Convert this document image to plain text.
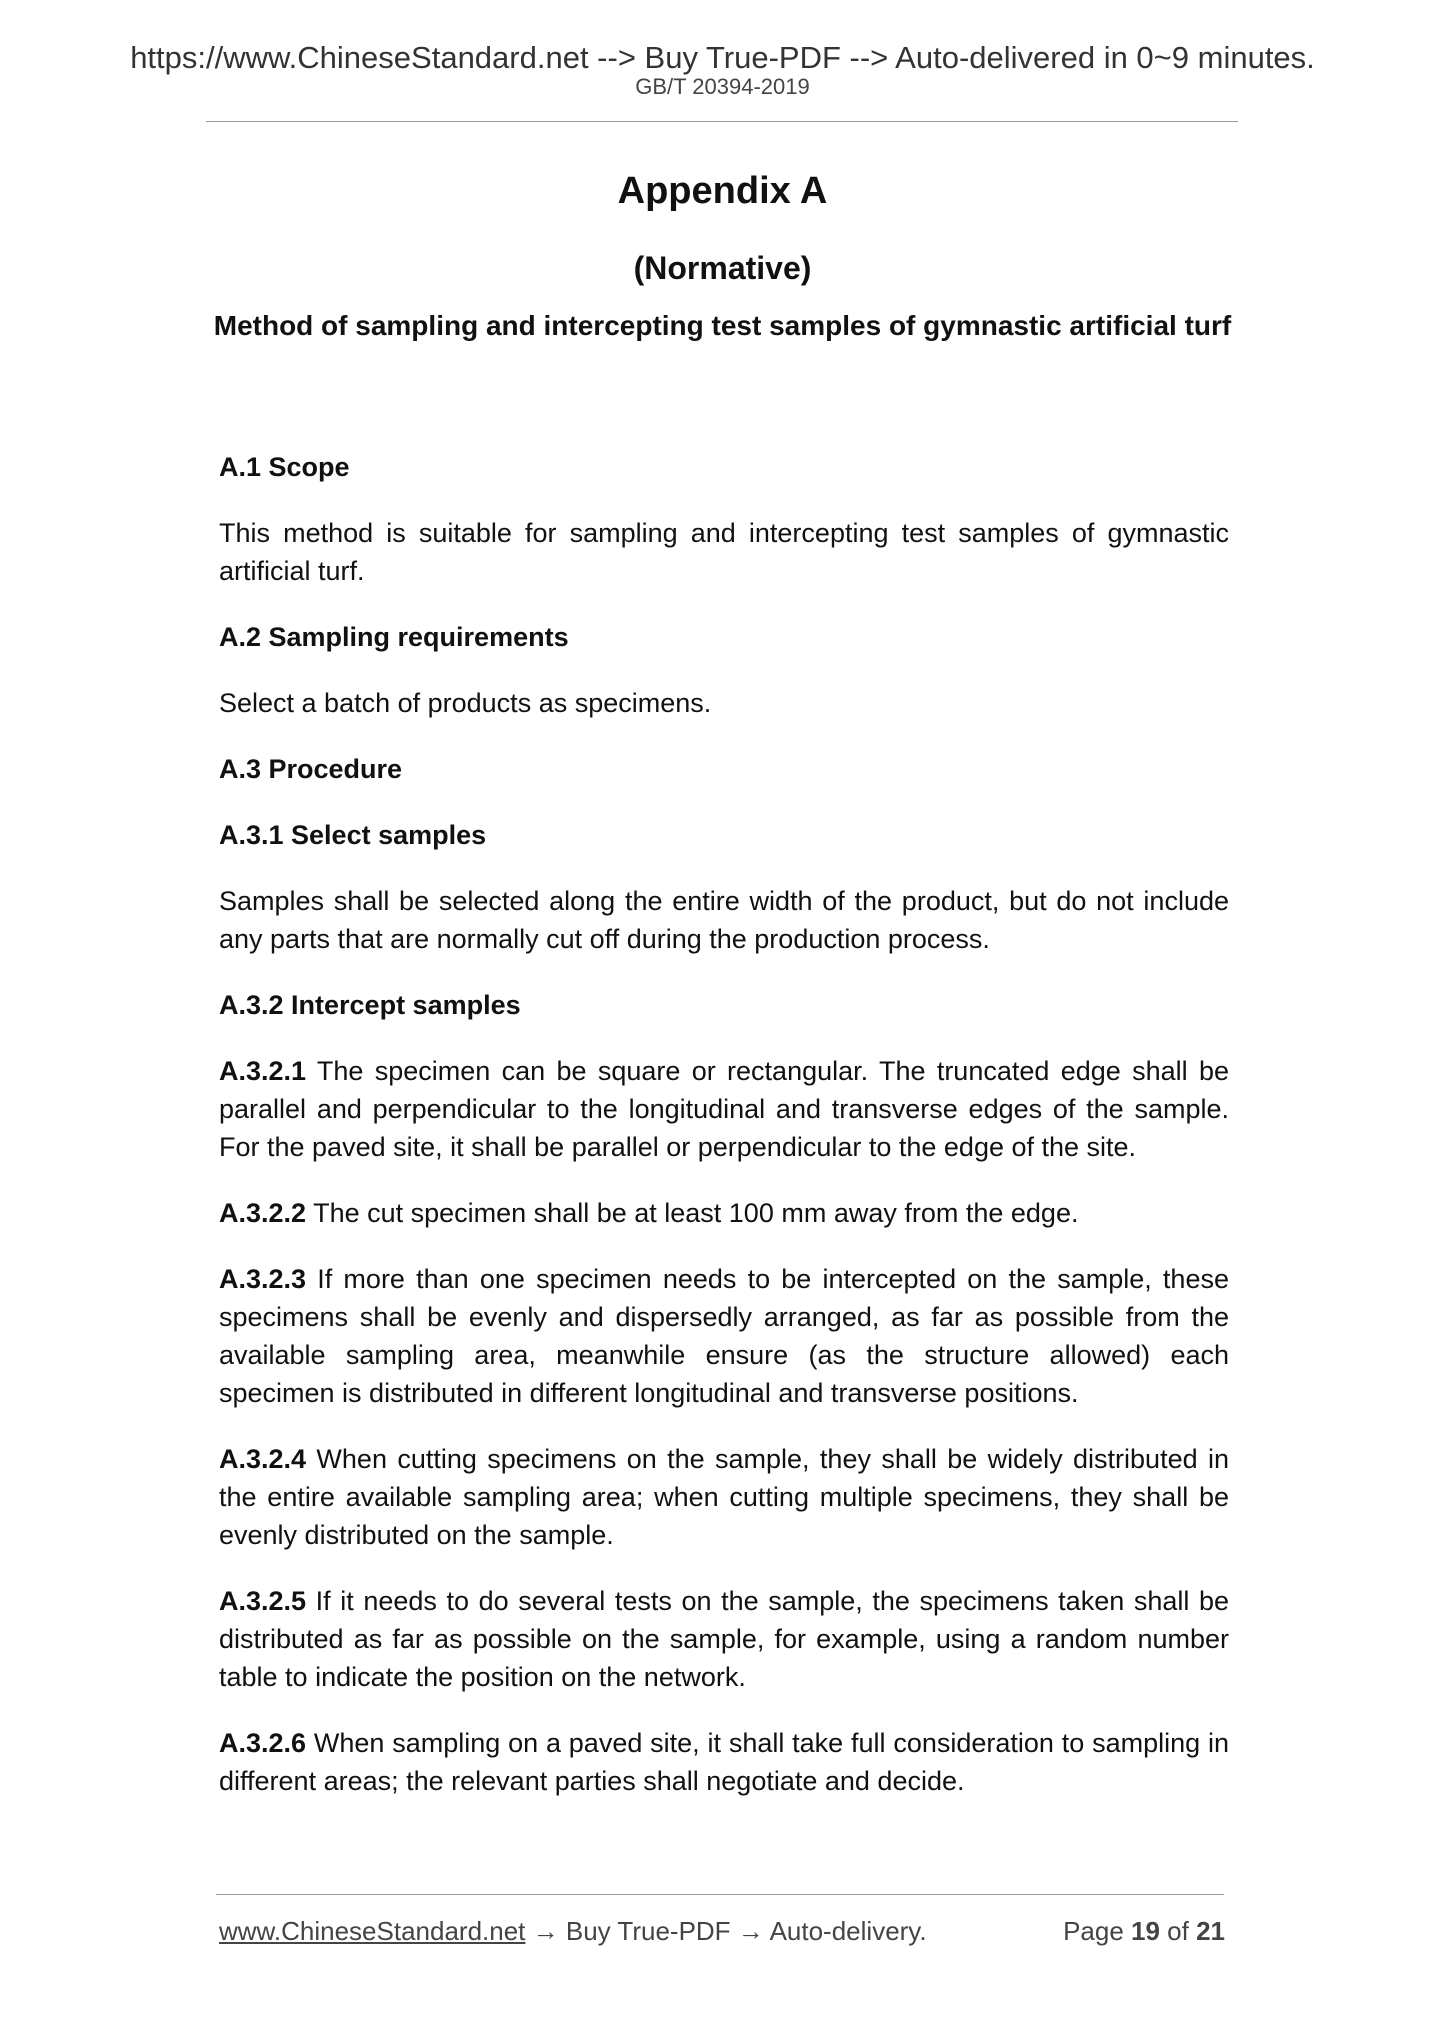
https://www.ChineseStandard.net --> Buy True-PDF --> Auto-delivered in 0~9 minutes.
GB/T 20394-2019
Appendix A
(Normative)
Method of sampling and intercepting test samples of gymnastic artificial turf
A.1 Scope

This method is suitable for sampling and intercepting test samples of gymnastic artificial turf.

A.2 Sampling requirements

Select a batch of products as specimens.

A.3 Procedure
A.3.1 Select samples

Samples shall be selected along the entire width of the product, but do not include any parts that are normally cut off during the production process.

A.3.2 Intercept samples

A.3.2.1 The specimen can be square or rectangular. The truncated edge shall be parallel and perpendicular to the longitudinal and transverse edges of the sample. For the paved site, it shall be parallel or perpendicular to the edge of the site.

A.3.2.2 The cut specimen shall be at least 100 mm away from the edge.

A.3.2.3 If more than one specimen needs to be intercepted on the sample, these specimens shall be evenly and dispersedly arranged, as far as possible from the available sampling area, meanwhile ensure (as the structure allowed) each specimen is distributed in different longitudinal and transverse positions.

A.3.2.4 When cutting specimens on the sample, they shall be widely distributed in the entire available sampling area; when cutting multiple specimens, they shall be evenly distributed on the sample.

A.3.2.5 If it needs to do several tests on the sample, the specimens taken shall be distributed as far as possible on the sample, for example, using a random number table to indicate the position on the network.

A.3.2.6 When sampling on a paved site, it shall take full consideration to sampling in different areas; the relevant parties shall negotiate and decide.

www.ChineseStandard.net → Buy True-PDF → Auto-delivery.	Page 19 of 21
